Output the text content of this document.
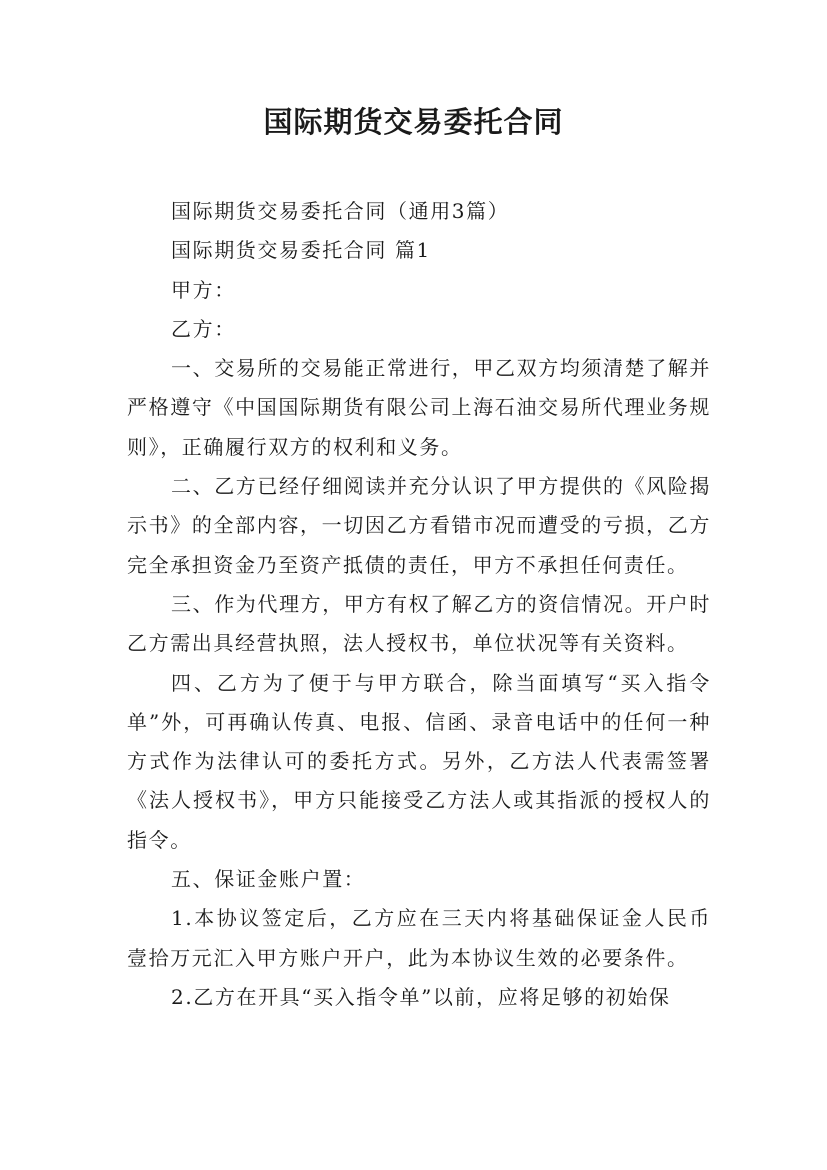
国际期货交易委托合同

国际期货交易委托合同（通用3篇）

国际期货交易委托合同 篇1

甲方：

乙方：

一、交易所的交易能正常进行，甲乙双方均须清楚了解并严格遵守《中国国际期货有限公司上海石油交易所代理业务规则》，正确履行双方的权利和义务。

二、乙方已经仔细阅读并充分认识了甲方提供的《风险揭示书》的全部内容，一切因乙方看错市况而遭受的亏损，乙方完全承担资金乃至资产抵债的责任，甲方不承担任何责任。

三、作为代理方，甲方有权了解乙方的资信情况。开户时乙方需出具经营执照，法人授权书，单位状况等有关资料。

四、乙方为了便于与甲方联合，除当面填写“买入指令单”外，可再确认传真、电报、信函、录音电话中的任何一种方式作为法律认可的委托方式。另外，乙方法人代表需签署《法人授权书》，甲方只能接受乙方法人或其指派的授权人的指令。

五、保证金账户置：

1.本协议签定后，乙方应在三天内将基础保证金人民币壹拾万元汇入甲方账户开户，此为本协议生效的必要条件。

2.乙方在开具“买入指令单”以前，应将足够的初始保
